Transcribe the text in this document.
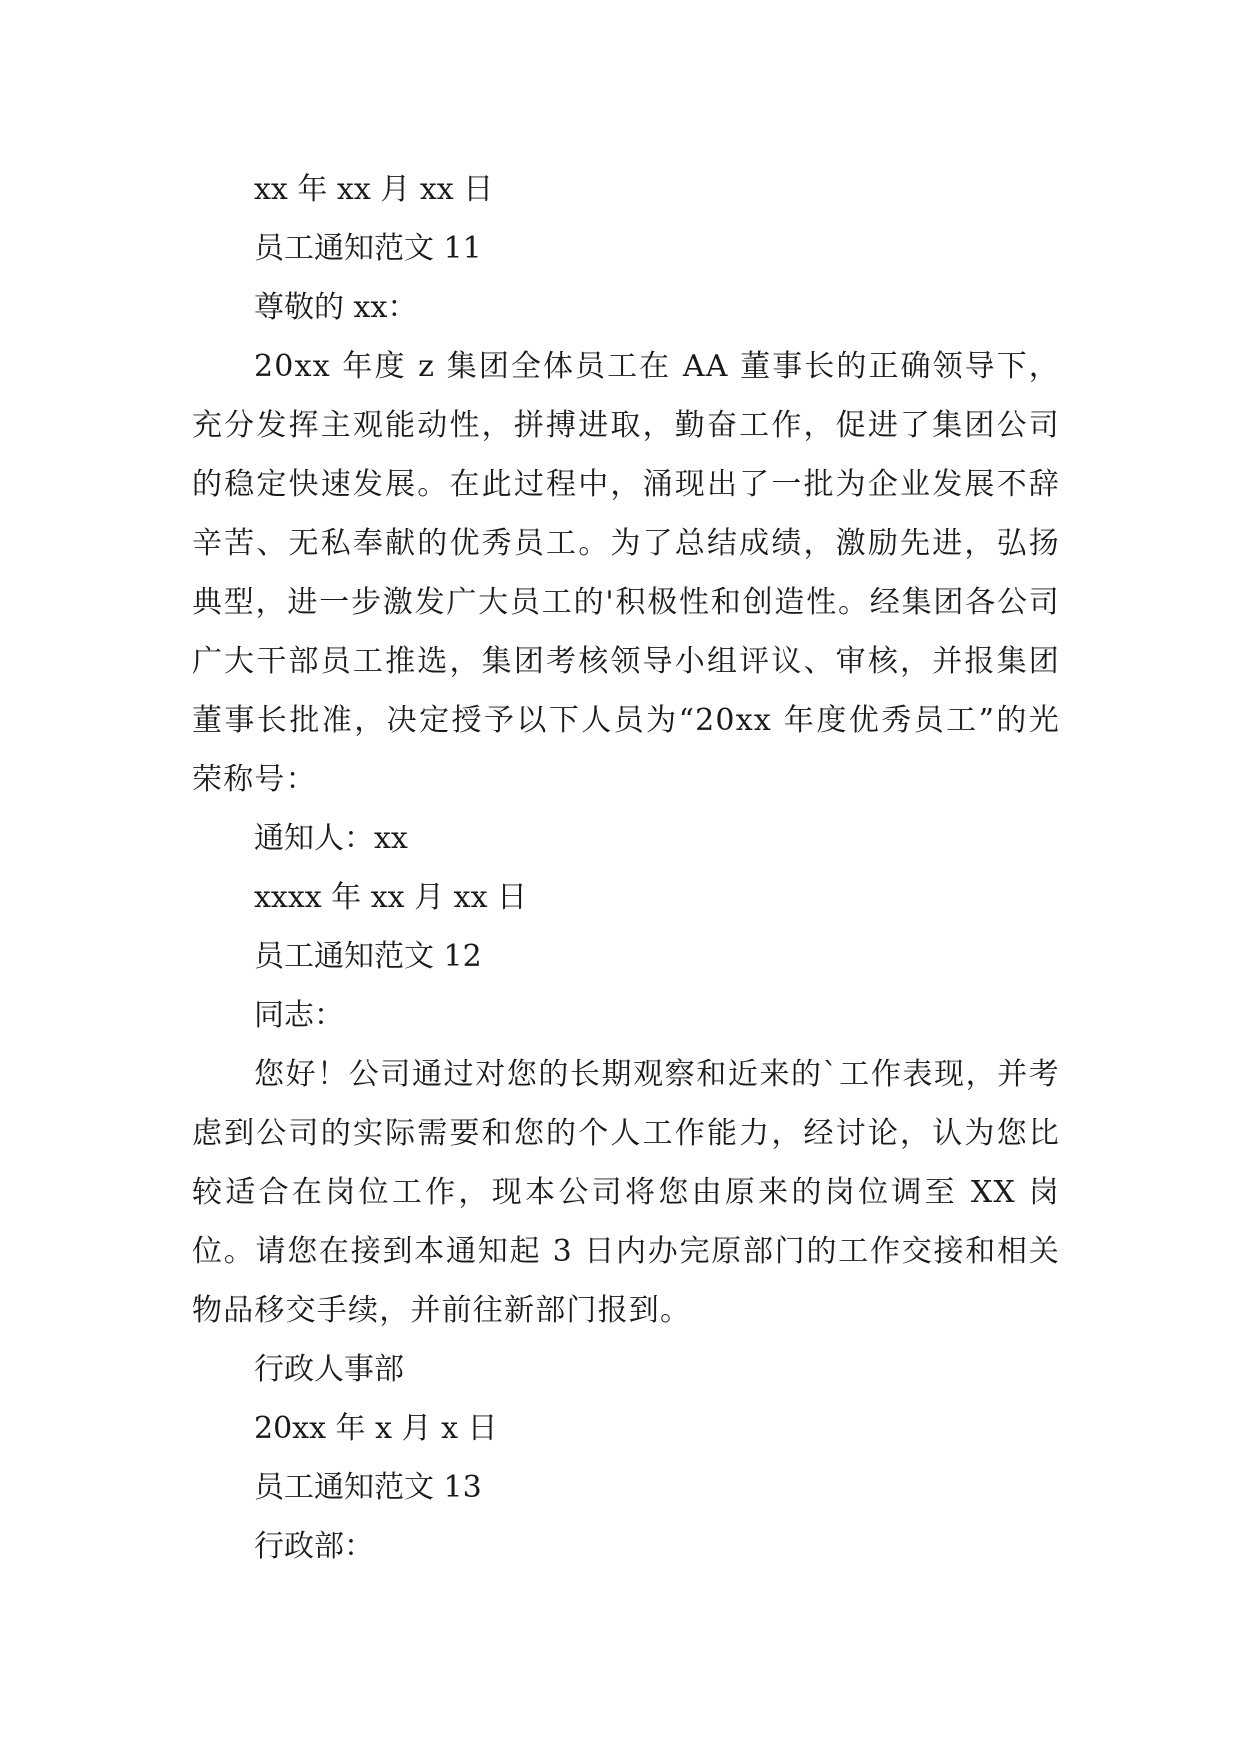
xx 年 xx 月 xx 日
员工通知范文 11
尊敬的 xx：

20xx 年度 z 集团全体员工在 AA 董事长的正确领导下，充分发挥主观能动性，拼搏进取，勤奋工作，促进了集团公司的稳定快速发展。在此过程中，涌现出了一批为企业发展不辞辛苦、无私奉献的优秀员工。为了总结成绩，激励先进，弘扬典型，进一步激发广大员工的'积极性和创造性。经集团各公司广大干部员工推选，集团考核领导小组评议、审核，并报集团董事长批准，决定授予以下人员为“20xx 年度优秀员工”的光荣称号：

通知人：xx
xxxx 年 xx 月 xx 日
员工通知范文 12
同志：

您好！公司通过对您的长期观察和近来的`工作表现，并考虑到公司的实际需要和您的个人工作能力，经讨论，认为您比较适合在岗位工作，现本公司将您由原来的岗位调至 XX 岗位。请您在接到本通知起 3 日内办完原部门的工作交接和相关物品移交手续，并前往新部门报到。

行政人事部
20xx 年 x 月 x 日
员工通知范文 13
行政部：
